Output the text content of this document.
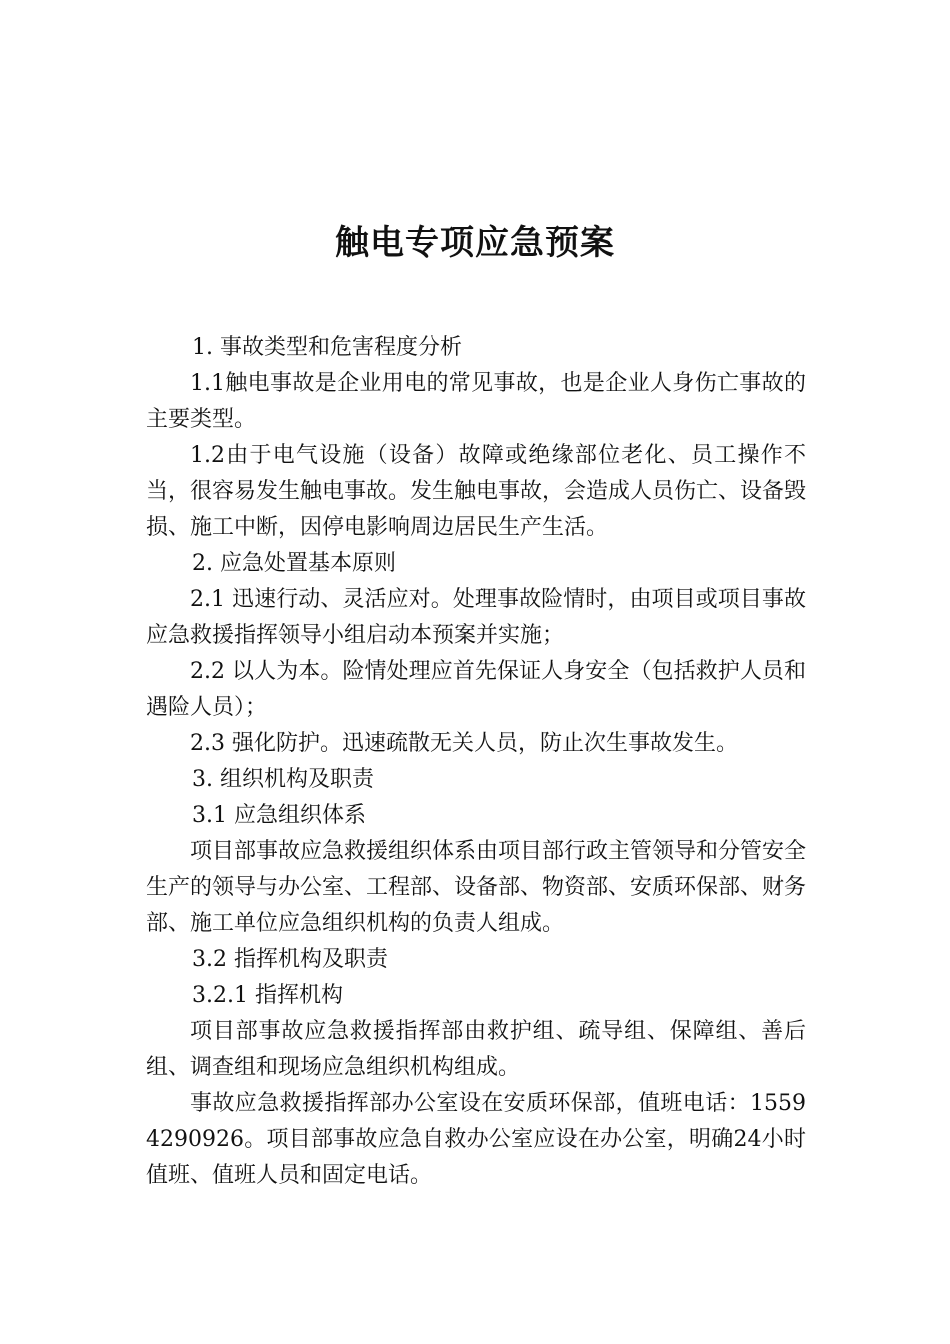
触电专项应急预案

1. 事故类型和危害程度分析

1.1触电事故是企业用电的常见事故，也是企业人身伤亡事故的主要类型。

1.2由于电气设施（设备）故障或绝缘部位老化、员工操作不当，很容易发生触电事故。发生触电事故，会造成人员伤亡、设备毁损、施工中断，因停电影响周边居民生产生活。

2. 应急处置基本原则

2.1 迅速行动、灵活应对。处理事故险情时，由项目或项目事故应急救援指挥领导小组启动本预案并实施；

2.2 以人为本。险情处理应首先保证人身安全（包括救护人员和遇险人员）；

2.3 强化防护。迅速疏散无关人员，防止次生事故发生。

3. 组织机构及职责

3.1 应急组织体系

项目部事故应急救援组织体系由项目部行政主管领导和分管安全生产的领导与办公室、工程部、设备部、物资部、安质环保部、财务部、施工单位应急组织机构的负责人组成。

3.2 指挥机构及职责

3.2.1 指挥机构

项目部事故应急救援指挥部由救护组、疏导组、保障组、善后组、调查组和现场应急组织机构组成。

事故应急救援指挥部办公室设在安质环保部，值班电话：15594290926。项目部事故应急自救办公室应设在办公室，明确24小时值班、值班人员和固定电话。
